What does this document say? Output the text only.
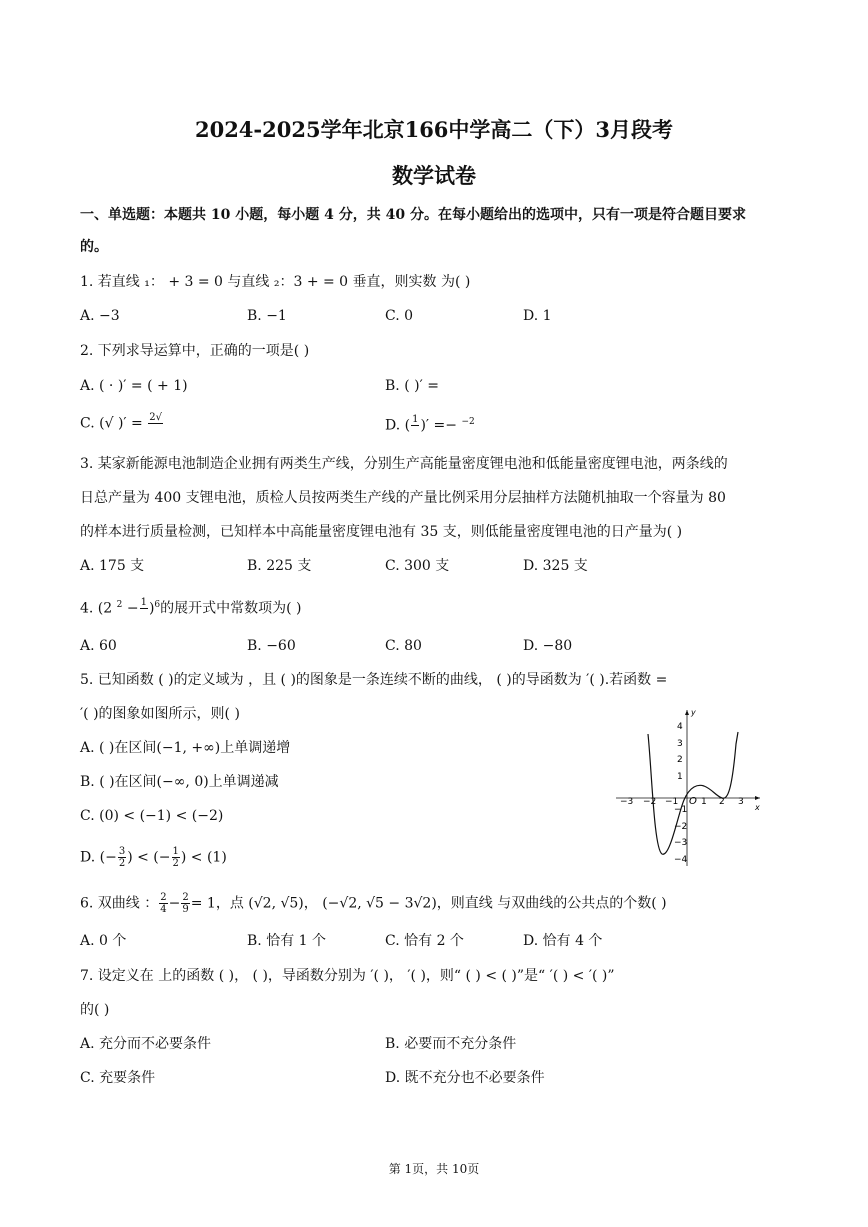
2024-2025学年北京166中学高二（下）3月段考
数学试卷
一、单选题：本题共 10 小题，每小题 4 分，共 40 分。在每小题给出的选项中，只有一项是符合题目要求
的。
1. 若直线 ₁： + 3 = 0 与直线 ₂：3 + = 0 垂直，则实数 为( )
A. −3	B. −1	C. 0	D. 1
2. 下列求导运算中，正确的一项是( )
A. ( · )′ = ( + 1)	B. ( )′ =
C. (√ )′ = 2√

D. ( 1
)′ =− $^{-2}$
3. 某家新能源电池制造企业拥有两类生产线，分别生产高能量密度锂电池和低能量密度锂电池，两条线的
日总产量为 400 支锂电池，质检人员按两类生产线的产量比例采用分层抽样方法随机抽取一个容量为 80
的样本进行质量检测，已知样本中高能量密度锂电池有 35 支，则低能量密度锂电池的日产量为( )
A. 175 支	B. 225 支	C. 300 支	D. 325 支
4. (2 $^2$ − 1
)$^6$的展开式中常数项为( )
A. 60	B. −60	C. 80	D. −80
5. 已知函数 ( )的定义域为 ，且 ( )的图象是一条连续不断的曲线， ( )的导函数为 ′( ).若函数 =
′( )的图象如图所示，则( )
A. ( )在区间(−1, +∞)上单调递增
B. ( )在区间(−∞, 0)上单调递减
C. (0) < (−1) < (−2)
D. (− $\frac{3}{2}$ ) < (− $\frac{1}{2}$ ) < (1)
x
y
−3 −2 −1 O 1 2 3
4
3
2
1
−1
−2
−3
−4
6. 双曲线 ： $\frac{2}{4} - \frac{2}{9} = 1$，点 (√2, √5)， (−√2, √5 − 3√2)，则直线 与双曲线的公共点的个数( )
A. 0 个	B. 恰有 1 个	C. 恰有 2 个	D. 恰有 4 个
7. 设定义在 上的函数 ( )， ( )，导函数分别为 ′( )， ′( )，则“ ( ) < ( )”是“ ′( ) < ′( )”
的( )
A. 充分而不必要条件	B. 必要而不充分条件
C. 充要条件	D. 既不充分也不必要条件
第 1页，共 10页
